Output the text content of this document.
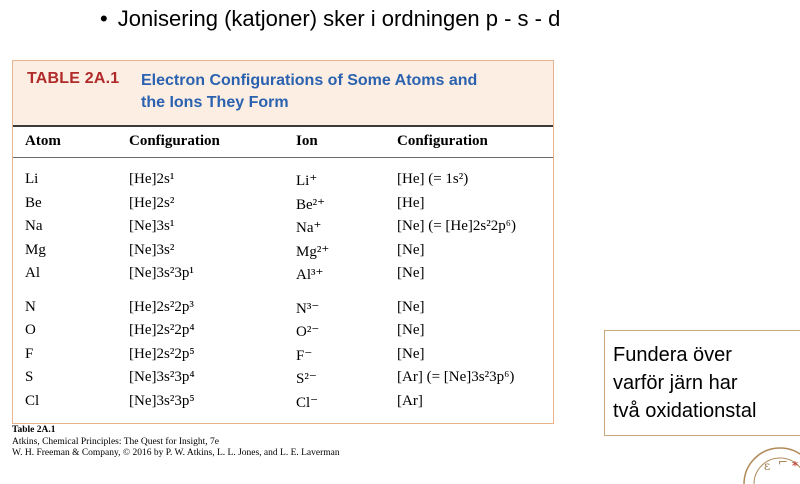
• Jonisering (katjoner) sker i ordningen p - s - d
TABLE 2A.1 Electron Configurations of Some Atoms and
the Ions They Form
Atom	Configuration	Ion	Configuration
Li	[He]2s¹	Li⁺	[He] (= 1s²)
Be	[He]2s²	Be²⁺	[He]
Na	[Ne]3s¹	Na⁺	[Ne] (= [He]2s²2p⁶)
Mg	[Ne]3s²	Mg²⁺	[Ne]
Al	[Ne]3s²3p¹	Al³⁺	[Ne]
N	[He]2s²2p³	N³⁻	[Ne]
O	[He]2s²2p⁴	O²⁻	[Ne]
F	[He]2s²2p⁵	F⁻	[Ne]
S	[Ne]3s²3p⁴	S²⁻	[Ar] (= [Ne]3s²3p⁶)
Cl	[Ne]3s²3p⁵	Cl⁻	[Ar]
Table 2A.1
Atkins, Chemical Principles: The Quest for Insight, 7e
W. H. Freeman & Company, © 2016 by P. W. Atkins, L. L. Jones, and L. E. Laverman
Fundera över
varför järn har
två oxidationstal
ɛ ⌐ *
